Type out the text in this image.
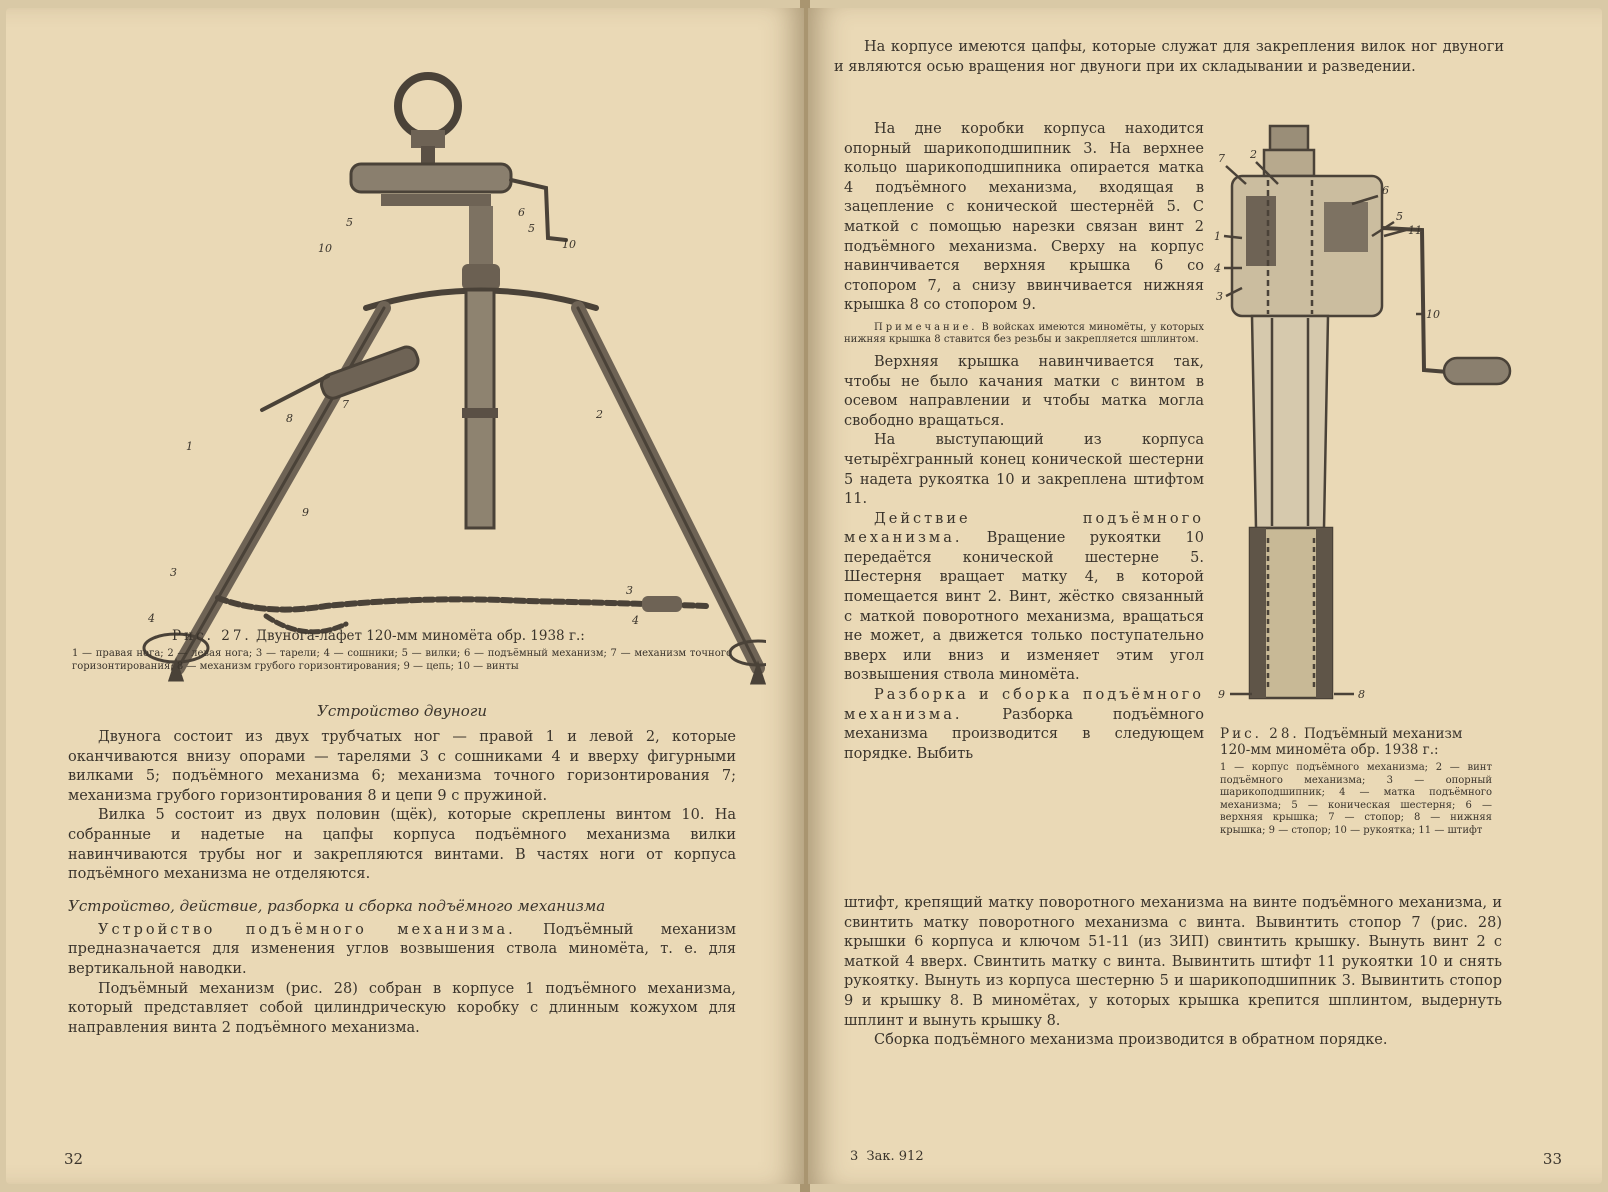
6
5	5
10	10
8
7
2
1
9
3
3
4	4
Рис. 27. Двунога-лафет 120-мм миномёта обр. 1938 г.:

1 — правая нога; 2 — левая нога; 3 — тарели; 4 — сошники; 5 — вилки; 6 — подъёмный механизм; 7 — механизм точного горизонтирования; 8 — механизм грубого горизонтирования; 9 — цепь; 10 — винты

Устройство двуноги

Двунога состоит из двух трубчатых ног — правой 1 и левой 2, которые оканчиваются внизу опорами — тарелями 3 с сошниками 4 и вверху фигурными вилками 5; подъёмного механизма 6; механизма точного горизонтирования 7; механизма грубого горизонтирования 8 и цепи 9 с пружиной.

Вилка 5 состоит из двух половин (щёк), которые скреплены винтом 10. На собранные и надетые на цапфы корпуса подъёмного механизма вилки навинчиваются трубы ног и закрепляются винтами. В частях ноги от корпуса подъёмного механизма не отделяются.

Устройство, действие, разборка и сборка подъёмного механизма

Устройство подъёмного механизма. Подъёмный механизм предназначается для изменения углов возвышения ствола миномёта, т. е. для вертикальной наводки.

Подъёмный механизм (рис. 28) собран в корпусе 1 подъёмного механизма, который представляет собой цилиндрическую коробку с длинным кожухом для направления винта 2 подъёмного механизма.

32

На корпусе имеются цапфы, которые служат для закрепления вилок ног двуноги и являются осью вращения ног двуноги при их складывании и разведении.

На дне коробки корпуса находится опорный шарикоподшипник 3. На верхнее кольцо шарикоподшипника опирается матка 4 подъёмного механизма, входящая в зацепление с конической шестернёй 5. С маткой с помощью нарезки связан винт 2 подъёмного механизма. Сверху на корпус навинчивается верхняя крышка 6 со стопором 7, а снизу ввинчивается нижняя крышка 8 со стопором 9.

Примечание. В войсках имеются миномёты, у которых нижняя крышка 8 ставится без резьбы и закрепляется шплинтом.

Верхняя крышка навинчивается так, чтобы не было качания матки с винтом в осевом направлении и чтобы матка могла свободно вращаться.

На выступающий из корпуса четырёхгранный конец конической шестерни 5 надета рукоятка 10 и закреплена штифтом 11.

Действие подъёмного механизма. Вращение рукоятки 10 передаётся конической шестерне 5. Шестерня вращает матку 4, в которой помещается винт 2. Винт, жёстко связанный с маткой поворотного механизма, вращаться не может, а движется только поступательно вверх или вниз и изменяет этим угол возвышения ствола миномёта.

Разборка и сборка подъёмного механизма.	Разборка подъёмного механизма производится в следующем порядке. Выбить

7 2
6
5
1
4
3
11
10
9	8
Рис. 28. Подъёмный механизм 120-мм миномёта обр. 1938 г.:

1 — корпус подъёмного механизма; 2 — винт подъёмного механизма; 3 — опорный шарикоподшипник; 4 — матка подъёмного механизма; 5 — коническая шестерня; 6 — верхняя крышка; 7 — стопор; 8 — нижняя крышка; 9 — стопор; 10 — рукоятка; 11 — штифт

штифт, крепящий матку поворотного механизма на винте подъёмного механизма, и свинтить матку поворотного механизма с винта. Вывинтить стопор 7 (рис. 28) крышки 6 корпуса и ключом 51-11 (из ЗИП) свинтить крышку. Вынуть винт 2 с маткой 4 вверх. Свинтить матку с винта. Вывинтить штифт 11 рукоятки 10 и снять рукоятку. Вынуть из корпуса шестерню 5 и шарикоподшипник 3. Вывинтить стопор 9 и крышку 8. В миномётах, у которых крышка крепится шплинтом, выдернуть шплинт и вынуть крышку 8.

Сборка подъёмного механизма производится в обратном порядке.

3  Зак. 912	33
